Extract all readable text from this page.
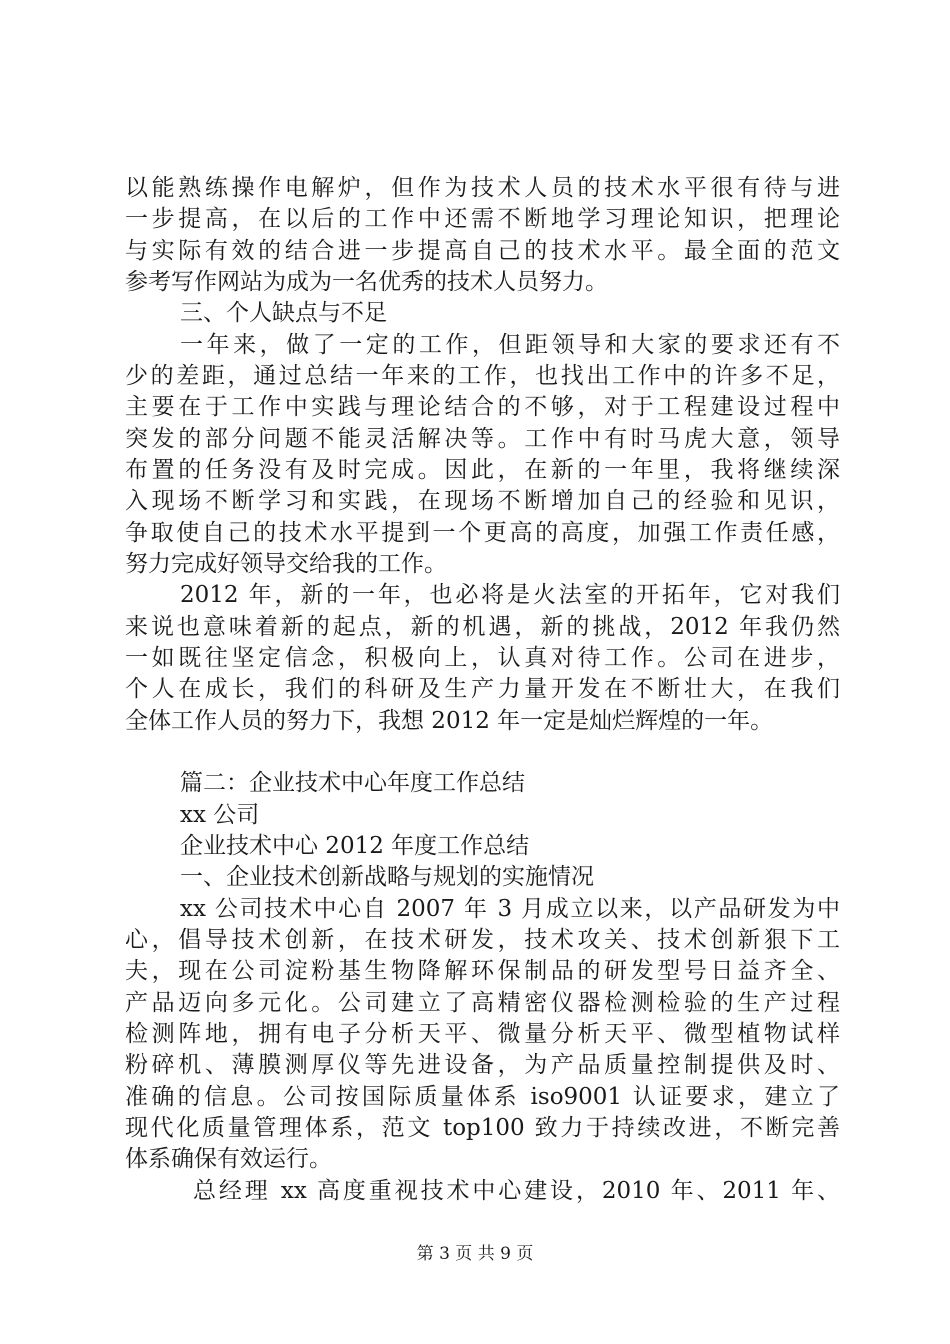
以能熟练操作电解炉，但作为技术人员的技术水平很有待与进
一步提高，在以后的工作中还需不断地学习理论知识，把理论
与实际有效的结合进一步提高自己的技术水平。最全面的范文
参考写作网站为成为一名优秀的技术人员努力。
三、个人缺点与不足
一年来，做了一定的工作，但距领导和大家的要求还有不
少的差距，通过总结一年来的工作，也找出工作中的许多不足，
主要在于工作中实践与理论结合的不够，对于工程建设过程中
突发的部分问题不能灵活解决等。工作中有时马虎大意，领导
布置的任务没有及时完成。因此，在新的一年里，我将继续深
入现场不断学习和实践，在现场不断增加自己的经验和见识，
争取使自己的技术水平提到一个更高的高度，加强工作责任感，
努力完成好领导交给我的工作。
2012 年，新的一年，也必将是火法室的开拓年，它对我们
来说也意味着新的起点，新的机遇，新的挑战，2012 年我仍然
一如既往坚定信念，积极向上，认真对待工作。公司在进步，
个人在成长，我们的科研及生产力量开发在不断壮大，在我们
全体工作人员的努力下，我想 2012 年一定是灿烂辉煌的一年。
篇二：企业技术中心年度工作总结
xx 公司
企业技术中心 2012 年度工作总结
一、企业技术创新战略与规划的实施情况
xx 公司技术中心自 2007 年 3 月成立以来，以产品研发为中
心，倡导技术创新，在技术研发，技术攻关、技术创新狠下工
夫，现在公司淀粉基生物降解环保制品的研发型号日益齐全、
产品迈向多元化。公司建立了高精密仪器检测检验的生产过程
检测阵地，拥有电子分析天平、微量分析天平、微型植物试样
粉碎机、薄膜测厚仪等先进设备，为产品质量控制提供及时、
准确的信息。公司按国际质量体系 iso9001 认证要求，建立了
现代化质量管理体系，范文 top100 致力于持续改进，不断完善
体系确保有效运行。
总经理 xx 高度重视技术中心建设，2010 年、2011 年、
第 3 页 共 9 页
